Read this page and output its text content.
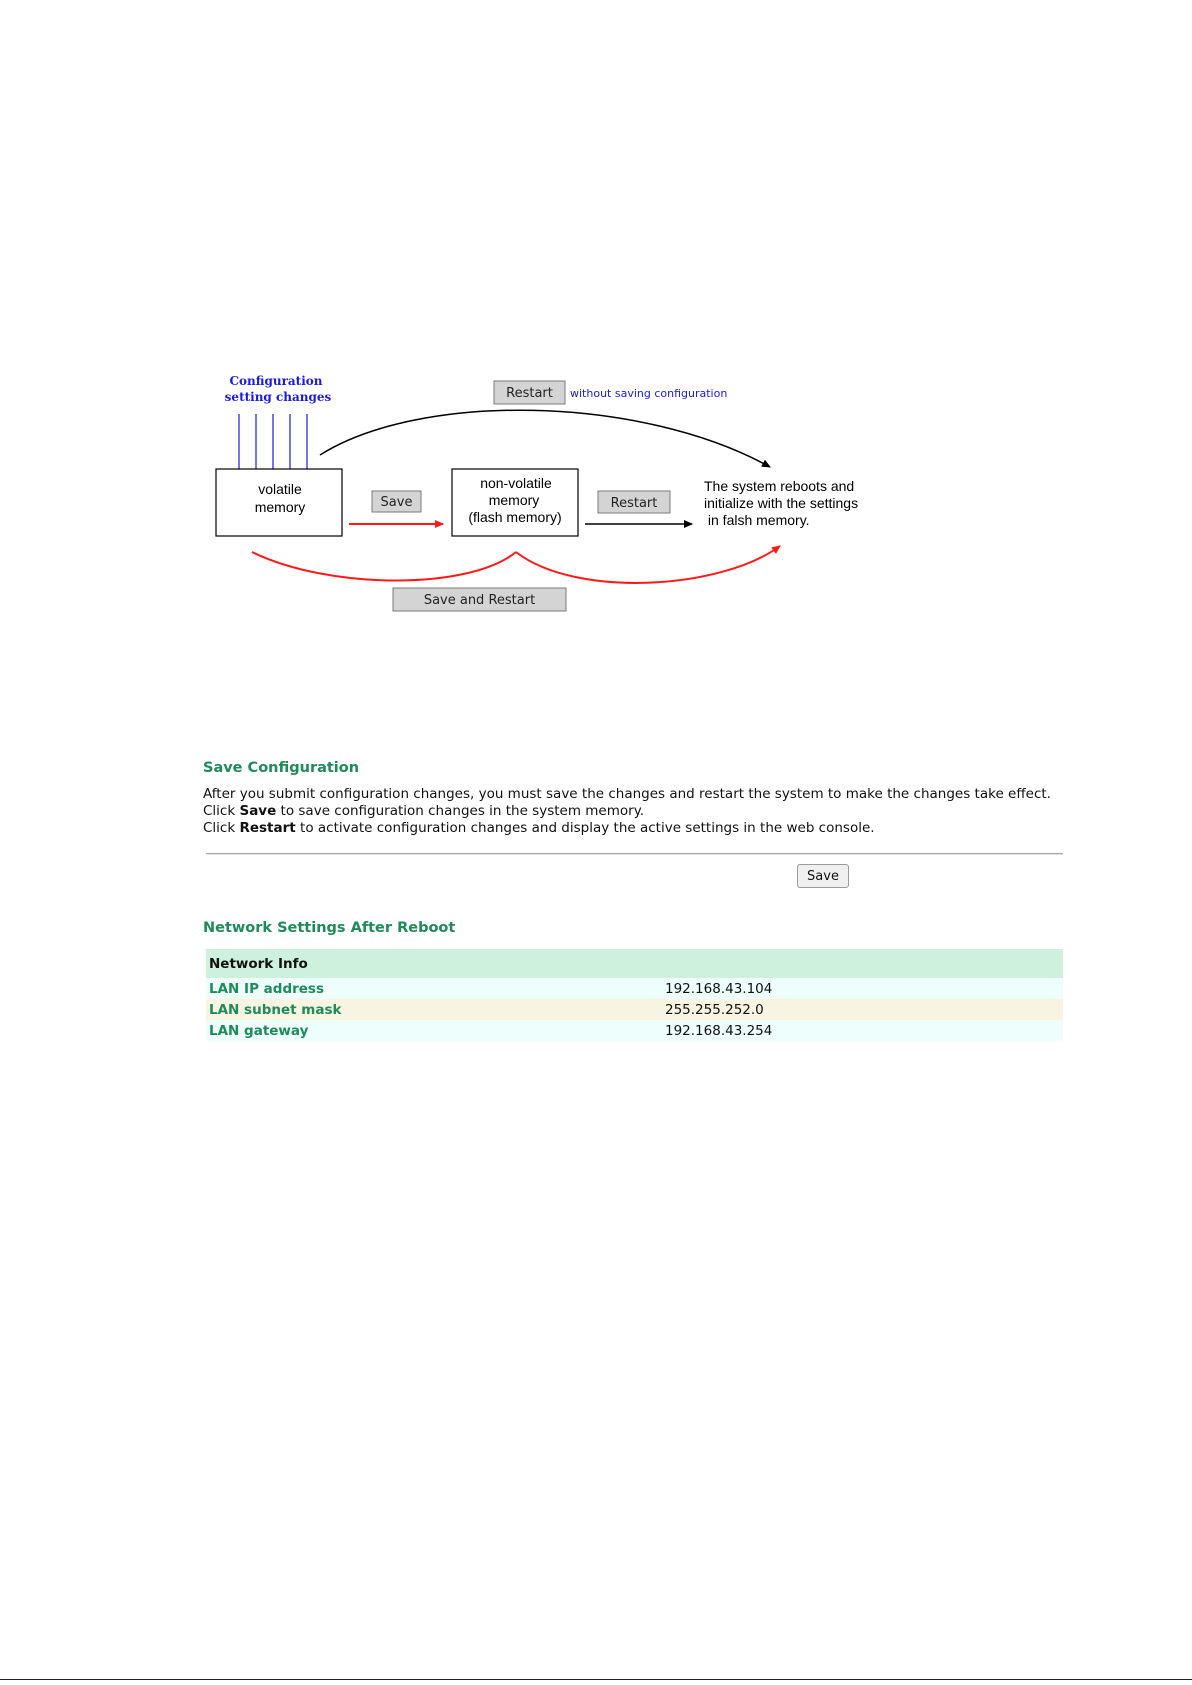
Configuration
setting changes
volatile
memory
Restart without saving configuration
Save
non-volatile
memory
(flash memory)
Restart
The system reboots and
initialize with the settings
in falsh memory.
Save and Restart
Save Configuration

After you submit configuration changes, you must save the changes and restart the system to make the changes take effect.

Click Save to save configuration changes in the system memory.

Click Restart to activate configuration changes and display the active settings in the web console.

Save
Network Settings After Reboot
Network Info	
LAN IP address	192.168.43.104
LAN subnet mask	255.255.252.0
LAN gateway	192.168.43.254
